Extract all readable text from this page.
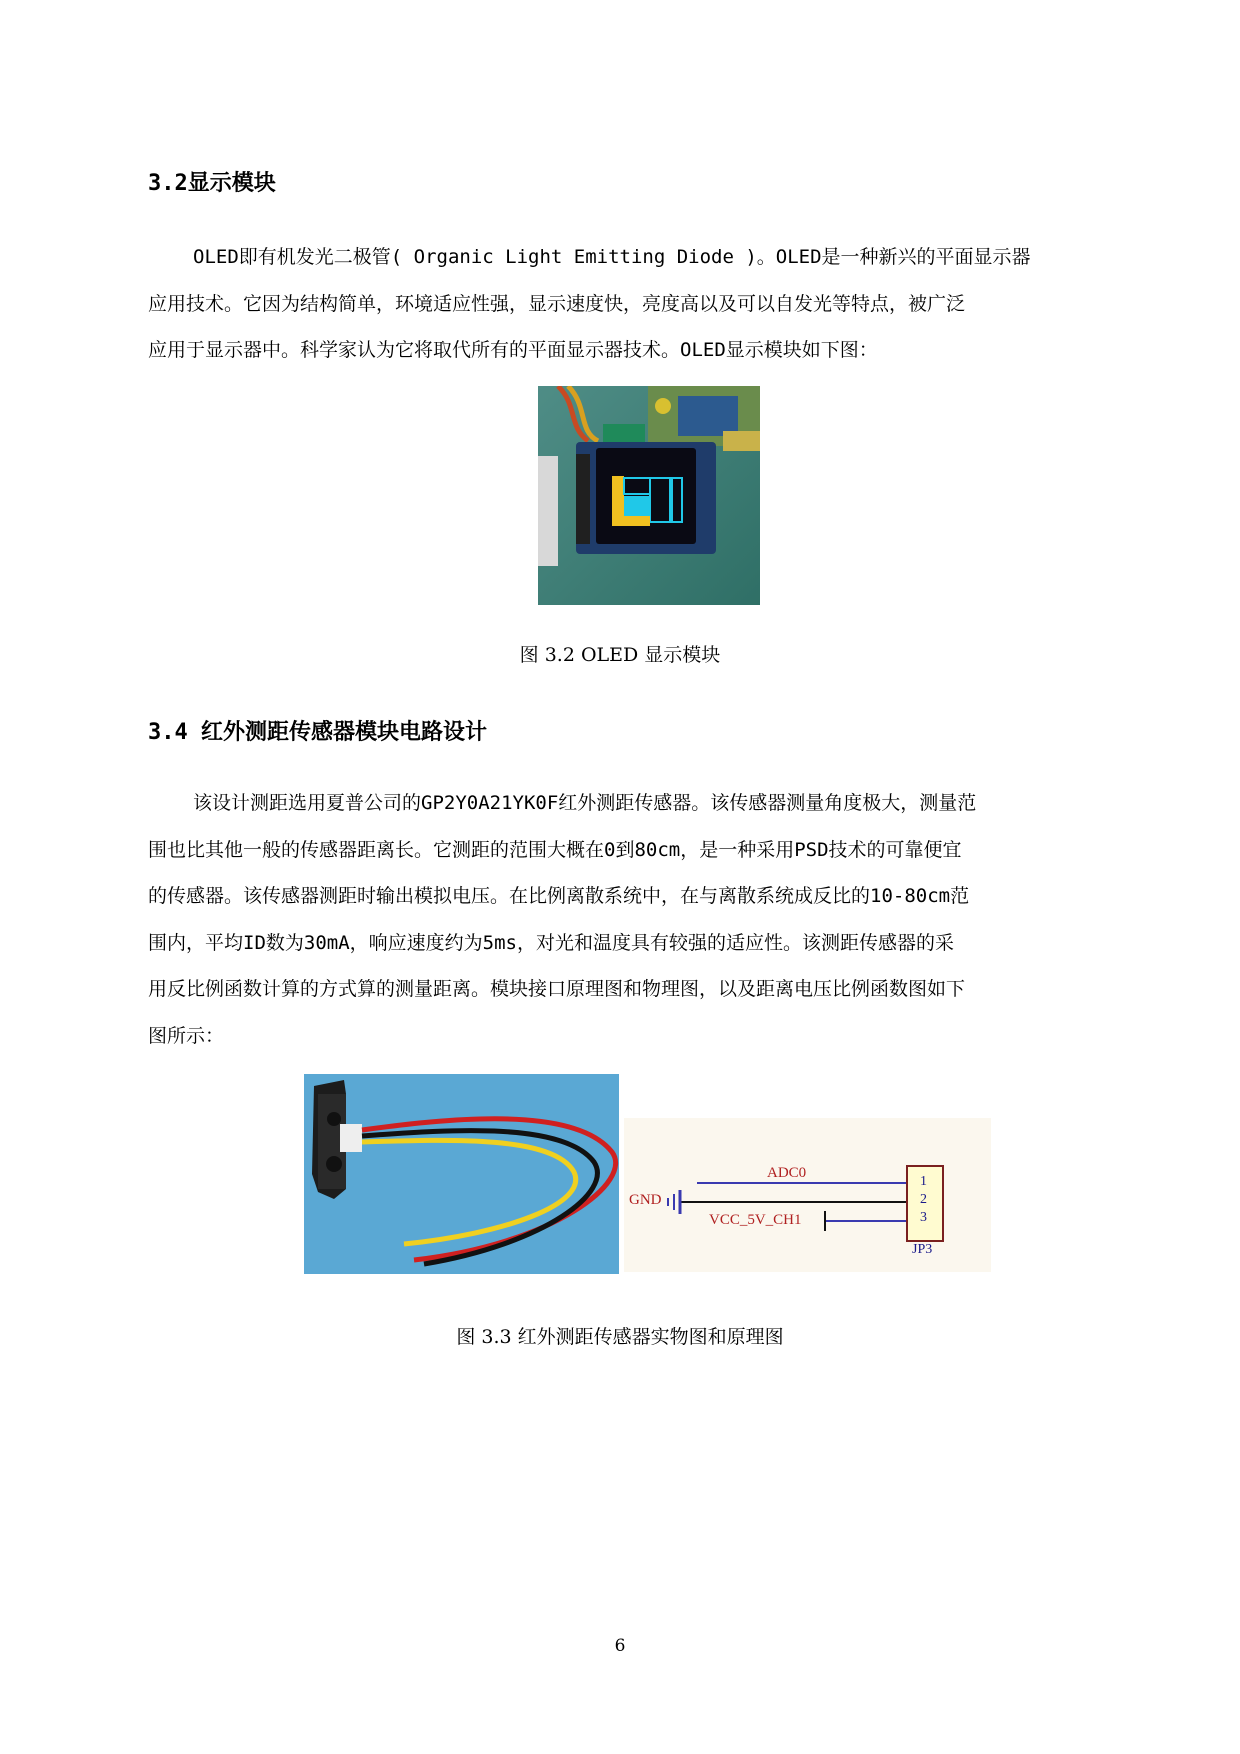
3.2显示模块

OLED即有机发光二极管( Organic Light Emitting Diode )。OLED是一种新兴的平面显示器

应用技术。它因为结构简单，环境适应性强，显示速度快，亮度高以及可以自发光等特点，被广泛

应用于显示器中。科学家认为它将取代所有的平面显示器技术。OLED显示模块如下图：

图 3.2 OLED 显示模块
3.4 红外测距传感器模块电路设计

该设计测距选用夏普公司的GP2Y0A21YK0F红外测距传感器。该传感器测量角度极大，测量范

围也比其他一般的传感器距离长。它测距的范围大概在0到80cm，是一种采用PSD技术的可靠便宜

的传感器。该传感器测距时输出模拟电压。在比例离散系统中，在与离散系统成反比的10-80cm范

围内，平均ID数为30mA，响应速度约为5ms，对光和温度具有较强的适应性。该测距传感器的采

用反比例函数计算的方式算的测量距离。模块接口原理图和物理图，以及距离电压比例函数图如下

图所示：

ADC0
GND
VCC_5V_CH1
1
2
3
JP3
图 3.3 红外测距传感器实物图和原理图
6
